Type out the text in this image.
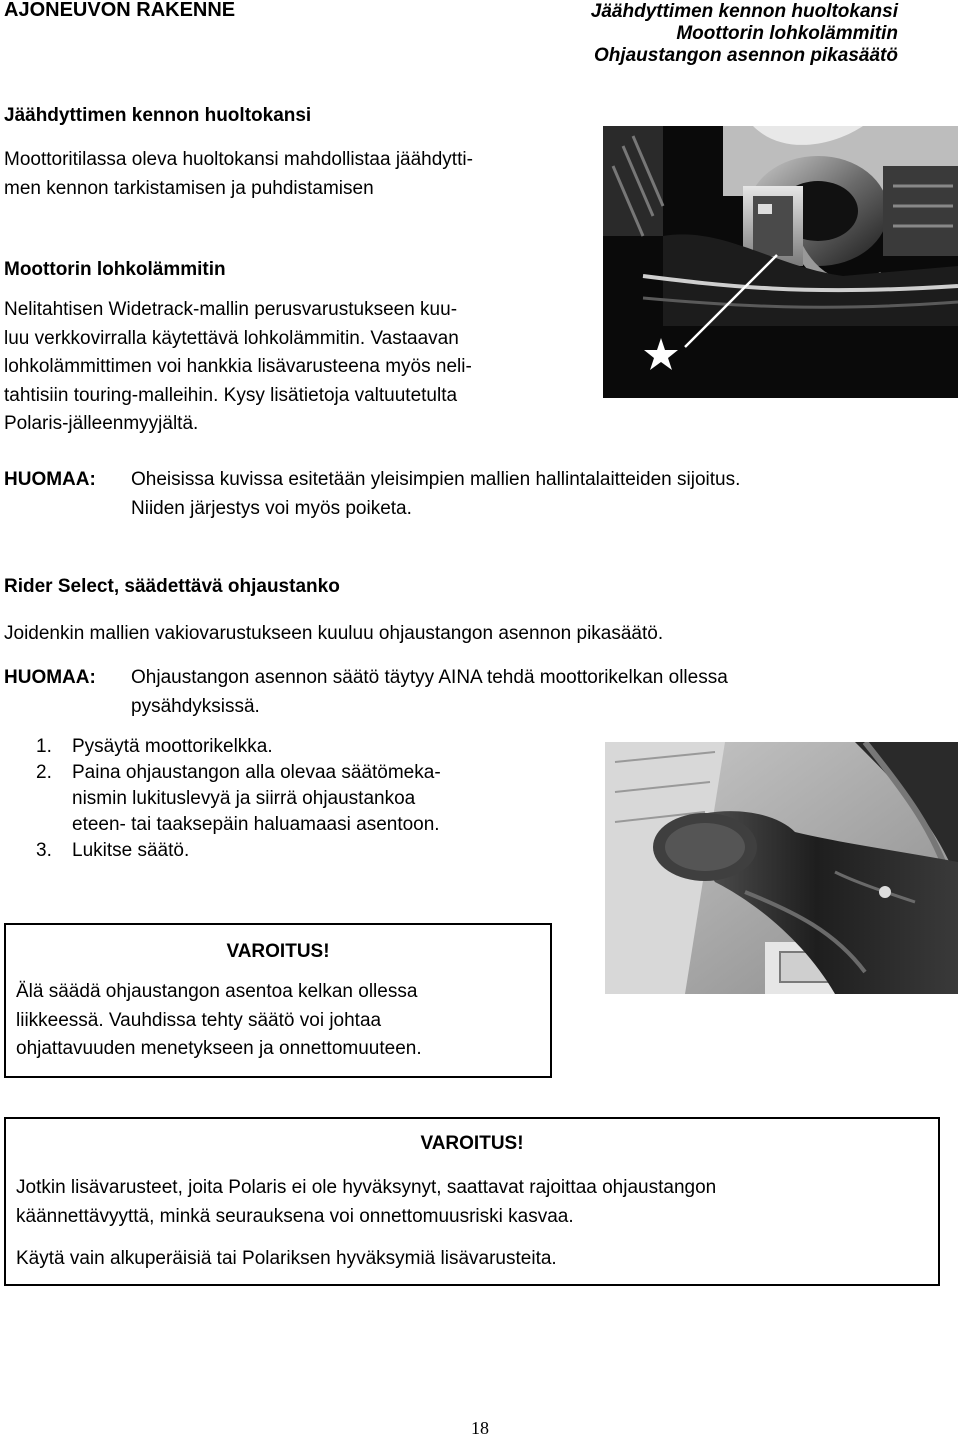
AJONEUVON RAKENNE	Jäähdyttimen kennon huoltokansi
Moottorin lohkolämmitin
Ohjaustangon asennon pikasäätö
Jäähdyttimen kennon huoltokansi
Moottoritilassa oleva huoltokansi mahdollistaa jäähdytti-
men kennon tarkistamisen ja puhdistamisen
Moottorin lohkolämmitin
Nelitahtisen Widetrack-mallin perusvarustukseen kuu-
luu verkkovirralla käytettävä lohkolämmitin. Vastaavan
lohkolämmittimen voi hankkia lisävarusteena myös neli-
tahtisiin touring-malleihin. Kysy lisätietoja valtuutetulta
Polaris-jälleenmyyjältä.
HUOMAA: Oheisissa kuvissa esitetään yleisimpien mallien hallintalaitteiden sijoitus.
Niiden järjestys voi myös poiketa.
Rider Select, säädettävä ohjaustanko
Joidenkin mallien vakiovarustukseen kuuluu ohjaustangon asennon pikasäätö.
HUOMAA: Ohjaustangon asennon säätö täytyy AINA tehdä moottorikelkan ollessa
pysähdyksissä.
1.	Pysäytä moottorikelkka.
2.	Paina ohjaustangon alla olevaa säätömeka-
nismin lukituslevyä ja siirrä ohjaustankoa
eteen- tai taaksepäin haluamaasi asentoon.
3.	Lukitse säätö.
VAROITUS!
Älä säädä ohjaustangon asentoa kelkan ollessa
liikkeessä. Vauhdissa tehty säätö voi johtaa
ohjattavuuden menetykseen ja onnettomuuteen.
VAROITUS!
Jotkin lisävarusteet, joita Polaris ei ole hyväksynyt, saattavat rajoittaa ohjaustangon
käännettävyyttä, minkä seurauksena voi onnettomuusriski kasvaa.
Käytä vain alkuperäisiä tai Polariksen hyväksymiä lisävarusteita.
18
